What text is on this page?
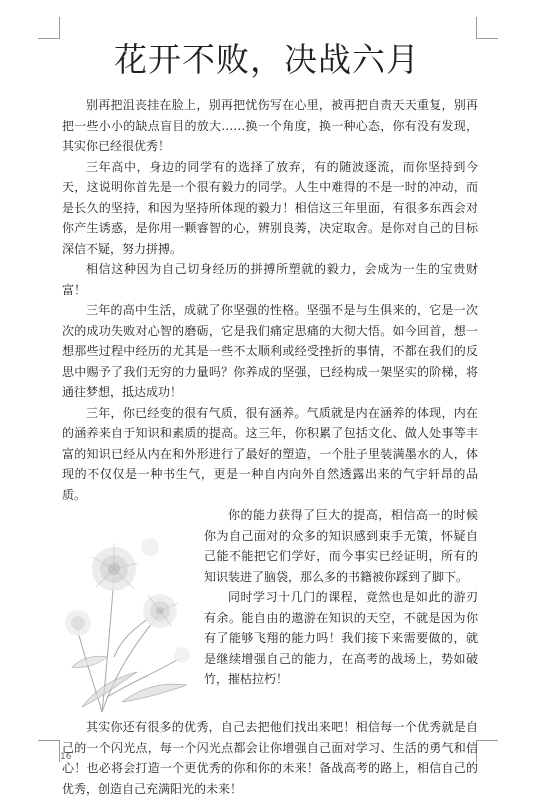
花开不败，决战六月

别再把沮丧挂在脸上，别再把忧伤写在心里，被再把自责天天重复，别再把一些小小的缺点盲目的放大……换一个角度，换一种心态，你有没有发现，其实你已经很优秀！

三年高中，身边的同学有的选择了放弃，有的随波逐流，而你坚持到今天，这说明你首先是一个很有毅力的同学。人生中难得的不是一时的冲动，而是长久的坚持，和因为坚持所体现的毅力！相信这三年里面，有很多东西会对你产生诱惑，是你用一颗睿智的心，辨别良莠，决定取舍。是你对自己的目标深信不疑，努力拼搏。

相信这种因为自己切身经历的拼搏所塑就的毅力，会成为一生的宝贵财富！

三年的高中生活，成就了你坚强的性格。坚强不是与生俱来的，它是一次次的成功失败对心智的磨砺，它是我们痛定思痛的大彻大悟。如今回首，想一想那些过程中经历的尤其是一些不太顺利或经受挫折的事情，不都在我们的反思中赐予了我们无穷的力量吗？你养成的坚强，已经构成一架坚实的阶梯，将通往梦想，抵达成功！

三年，你已经变的很有气质，很有涵养。气质就是内在涵养的体现，内在的涵养来自于知识和素质的提高。这三年，你积累了包括文化、做人处事等丰富的知识已经从内在和外形进行了最好的塑造，一个肚子里装满墨水的人，体现的不仅仅是一种书生气，更是一种自内向外自然透露出来的气宇轩昂的品质。

你的能力获得了巨大的提高，相信高一的时候你为自己面对的众多的知识感到束手无策，怀疑自己能不能把它们学好，而今事实已经证明，所有的知识装进了脑袋，那么多的书籍被你踩到了脚下。

同时学习十几门的课程，竟然也是如此的游刃有余。能自由的遨游在知识的天空，不就是因为你有了能够飞翔的能力吗！我们接下来需要做的，就是继续增强自己的能力，在高考的战场上，势如破竹，摧枯拉朽！

其实你还有很多的优秀，自己去把他们找出来吧！相信每一个优秀就是自己的一个闪光点，每一个闪光点都会让你增强自己面对学习、生活的勇气和信心！也必将会打造一个更优秀的你和你的未来！备战高考的路上，相信自己的优秀，创造自己充满阳光的未来！

16
